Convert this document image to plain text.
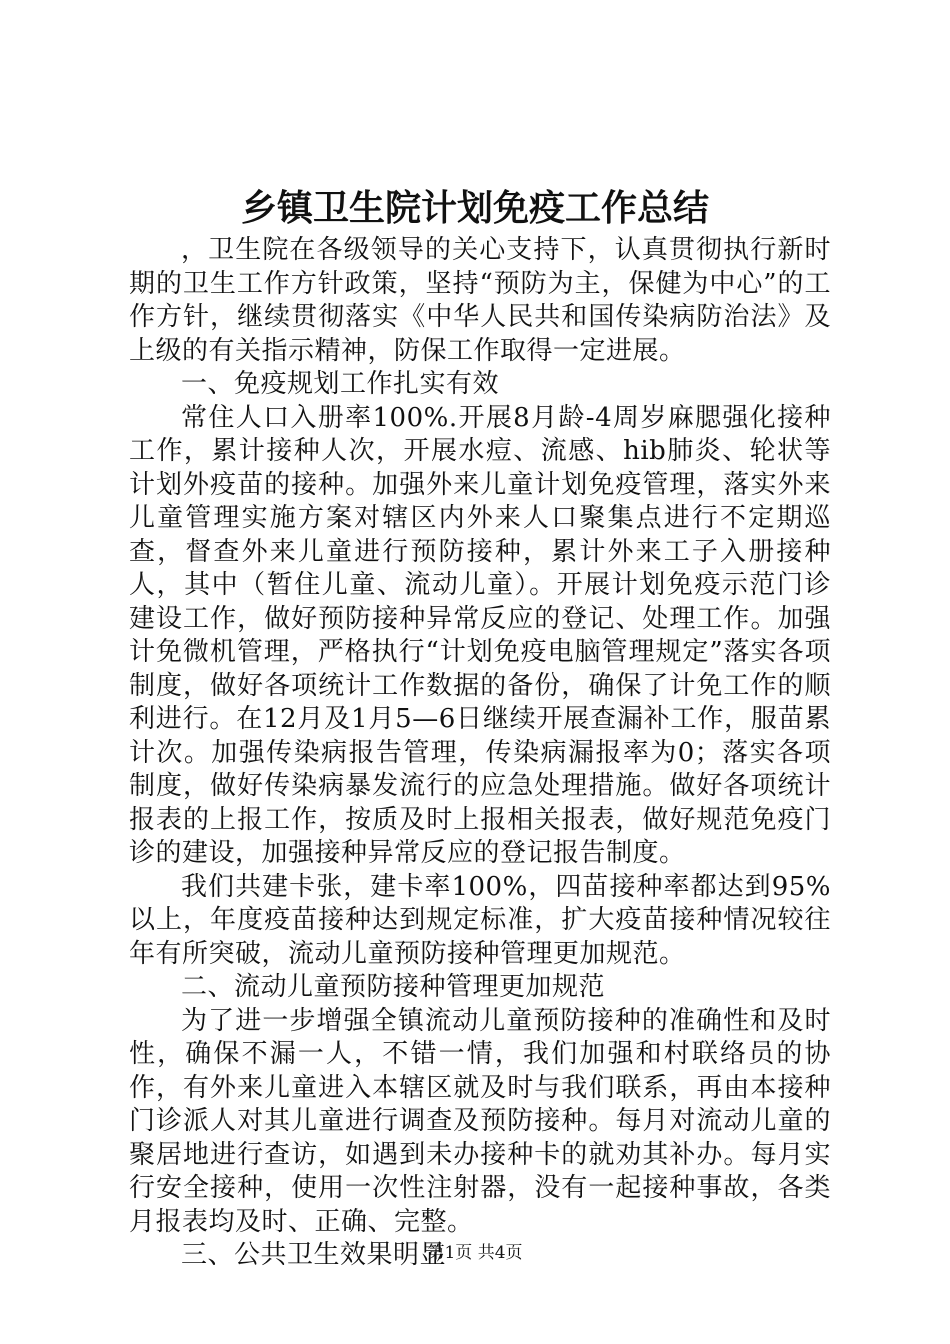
乡镇卫生院计划免疫工作总结

，卫生院在各级领导的关心支持下，认真贯彻执行新时期的卫生工作方针政策，坚持“预防为主，保健为中心”的工作方针，继续贯彻落实《中华人民共和国传染病防治法》及上级的有关指示精神，防保工作取得一定进展。

一、免疫规划工作扎实有效

常住人口入册率100%.开展8月龄-4周岁麻腮强化接种工作，累计接种人次，开展水痘、流感、hib肺炎、轮状等计划外疫苗的接种。加强外来儿童计划免疫管理，落实外来儿童管理实施方案对辖区内外来人口聚集点进行不定期巡查，督查外来儿童进行预防接种，累计外来工子入册接种人，其中（暂住儿童、流动儿童）。开展计划免疫示范门诊建设工作，做好预防接种异常反应的登记、处理工作。加强计免微机管理，严格执行“计划免疫电脑管理规定”落实各项制度，做好各项统计工作数据的备份，确保了计免工作的顺利进行。在12月及1月5—6日继续开展查漏补工作，服苗累计次。加强传染病报告管理，传染病漏报率为0；落实各项制度，做好传染病暴发流行的应急处理措施。做好各项统计报表的上报工作，按质及时上报相关报表，做好规范免疫门诊的建设，加强接种异常反应的登记报告制度。

我们共建卡张，建卡率100%，四苗接种率都达到95%以上，年度疫苗接种达到规定标准，扩大疫苗接种情况较往年有所突破，流动儿童预防接种管理更加规范。

二、流动儿童预防接种管理更加规范

为了进一步增强全镇流动儿童预防接种的准确性和及时性，确保不漏一人，不错一情，我们加强和村联络员的协作，有外来儿童进入本辖区就及时与我们联系，再由本接种门诊派人对其儿童进行调查及预防接种。每月对流动儿童的聚居地进行查访，如遇到未办接种卡的就劝其补办。每月实行安全接种，使用一次性注射器，没有一起接种事故，各类月报表均及时、正确、完整。

三、公共卫生效果明显

第1页 共4页
